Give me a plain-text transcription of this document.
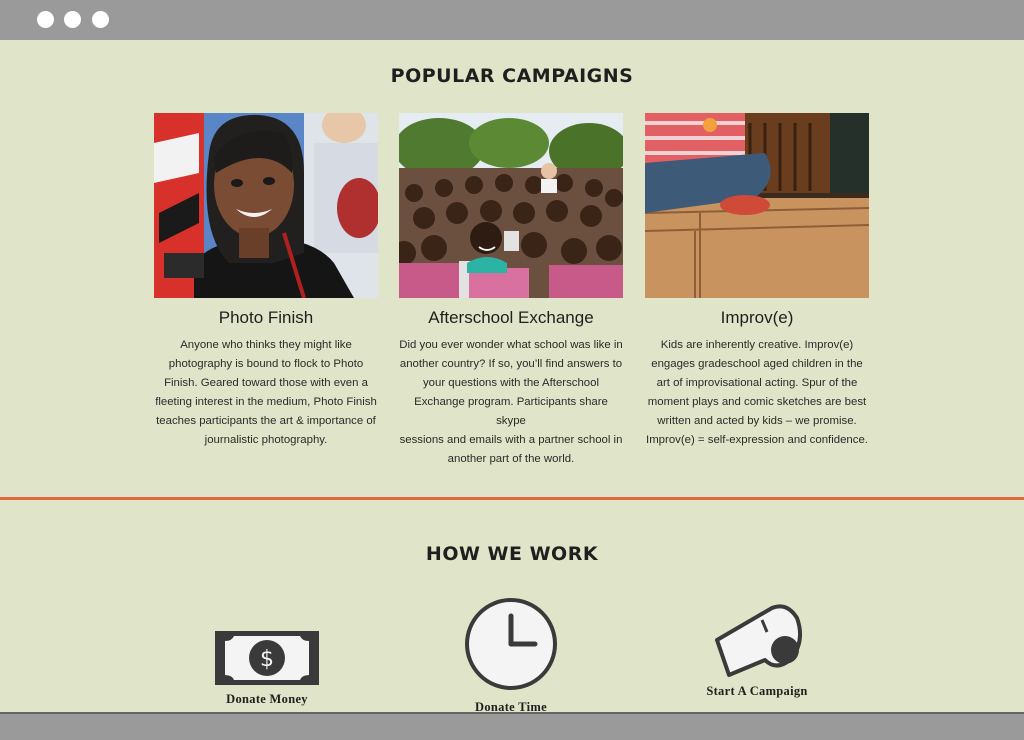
POPULAR CAMPAIGNS
Photo Finish
Anyone who thinks they might like
photography is bound to flock to Photo
Finish. Geared toward those with even a
fleeting interest in the medium, Photo Finish
teaches participants the art & importance of
journalistic photography.
Afterschool Exchange
Did you ever wonder what school was like in
another country? If so, you’ll find answers to
your questions with the Afterschool
Exchange program. Participants share skype
sessions and emails with a partner school in
another part of the world.
Improv(e)
Kids are inherently creative. Improv(e)
engages gradeschool aged children in the
art of improvisational acting. Spur of the
moment plays and comic sketches are best
written and acted by kids – we promise.
Improv(e) = self-expression and confidence.
HOW WE WORK
$
Donate Money
Donate Time
Start A Campaign
